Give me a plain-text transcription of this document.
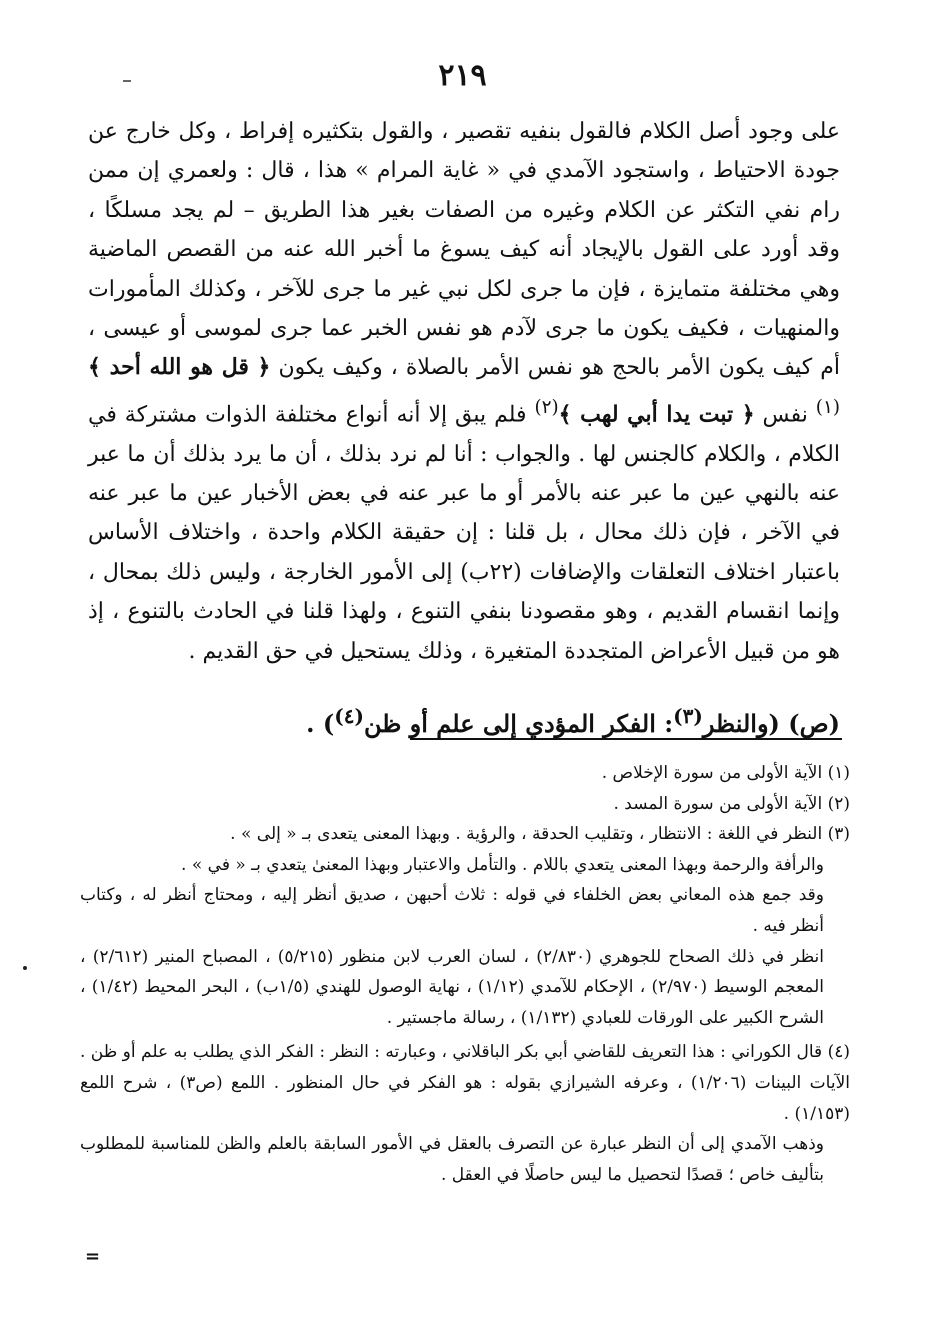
٢١٩

على وجود أصل الكلام فالقول بنفيه تقصير ، والقول بتكثيره إفراط ، وكل خارج عن جودة الاحتياط ، واستجود الآمدي في « غاية المرام » هذا ، قال : ولعمري إن ممن رام نفي التكثر عن الكلام وغيره من الصفات بغير هذا الطريق – لم يجد مسلكًا ، وقد أورد على القول بالإيجاد أنه كيف يسوغ ما أخبر الله عنه من القصص الماضية وهي مختلفة متمايزة ، فإن ما جرى لكل نبي غير ما جرى للآخر ، وكذلك المأمورات والمنهيات ، فكيف يكون ما جرى لآدم هو نفس الخبر عما جرى لموسى أو عيسى ، أم كيف يكون الأمر بالحج هو نفس الأمر بالصلاة ، وكيف يكون ﴿ قل هو الله أحد ﴾$^{(١)}$ نفس ﴿ تبت يدا أبي لهب ﴾$^{(٢)}$ فلم يبق إلا أنه أنواع مختلفة الذوات مشتركة في الكلام ، والكلام كالجنس لها . والجواب : أنا لم نرد بذلك ، أن ما يرد بذلك أن ما عبر عنه بالنهي عين ما عبر عنه بالأمر أو ما عبر عنه في بعض الأخبار عين ما عبر عنه في الآخر ، فإن ذلك محال ، بل قلنا : إن حقيقة الكلام واحدة ، واختلاف الأساس باعتبار اختلاف التعلقات والإضافات (٢٢ب) إلى الأمور الخارجة ، وليس ذلك بمحال ، وإنما انقسام القديم ، وهو مقصودنا بنفي التنوع ، ولهذا قلنا في الحادث بالتنوع ، إذ هو من قبيل الأعراض المتجددة المتغيرة ، وذلك يستحيل في حق القديم .

(ص) (والنظر$^{(٣)}$: الفكر المؤدي إلى علم أو ظن$^{(٤)}$) .

(١) الآية الأولى من سورة الإخلاص .

(٢) الآية الأولى من سورة المسد .

(٣) النظر في اللغة : الانتظار ، وتقليب الحدقة ، والرؤية . وبهذا المعنى يتعدى بـ « إلى » .

والرأفة والرحمة وبهذا المعنى يتعدي باللام . والتأمل والاعتبار وبهذا المعنىٰ يتعدي بـ « في » .

وقد جمع هذه المعاني بعض الخلفاء في قوله : ثلاث أحبهن ، صديق أنظر إليه ، ومحتاج أنظر له ، وكتاب أنظر فيه .

انظر في ذلك الصحاح للجوهري (٢/٨٣٠) ، لسان العرب لابن منظور (٥/٢١٥) ، المصباح المنير (٢/٦١٢) ، المعجم الوسيط (٢/٩٧٠) ، الإحكام للآمدي (١/١٢) ، نهاية الوصول للهندي (١/٥ب) ، البحر المحيط (١/٤٢) ، الشرح الكبير على الورقات للعبادي (١/١٣٢) ، رسالة ماجستير .

(٤) قال الكوراني : هذا التعريف للقاضي أبي بكر الباقلاني ، وعبارته : النظر : الفكر الذي يطلب به علم أو ظن . الآيات البينات (١/٢٠٦) ، وعرفه الشيرازي بقوله : هو الفكر في حال المنظور . اللمع (ص٣) ، شرح اللمع (١/١٥٣) .

وذهب الآمدي إلى أن النظر عبارة عن التصرف بالعقل في الأمور السابقة بالعلم والظن للمناسبة للمطلوب بتأليف خاص ؛ قصدًا لتحصيل ما ليس حاصلًا في العقل .

=
